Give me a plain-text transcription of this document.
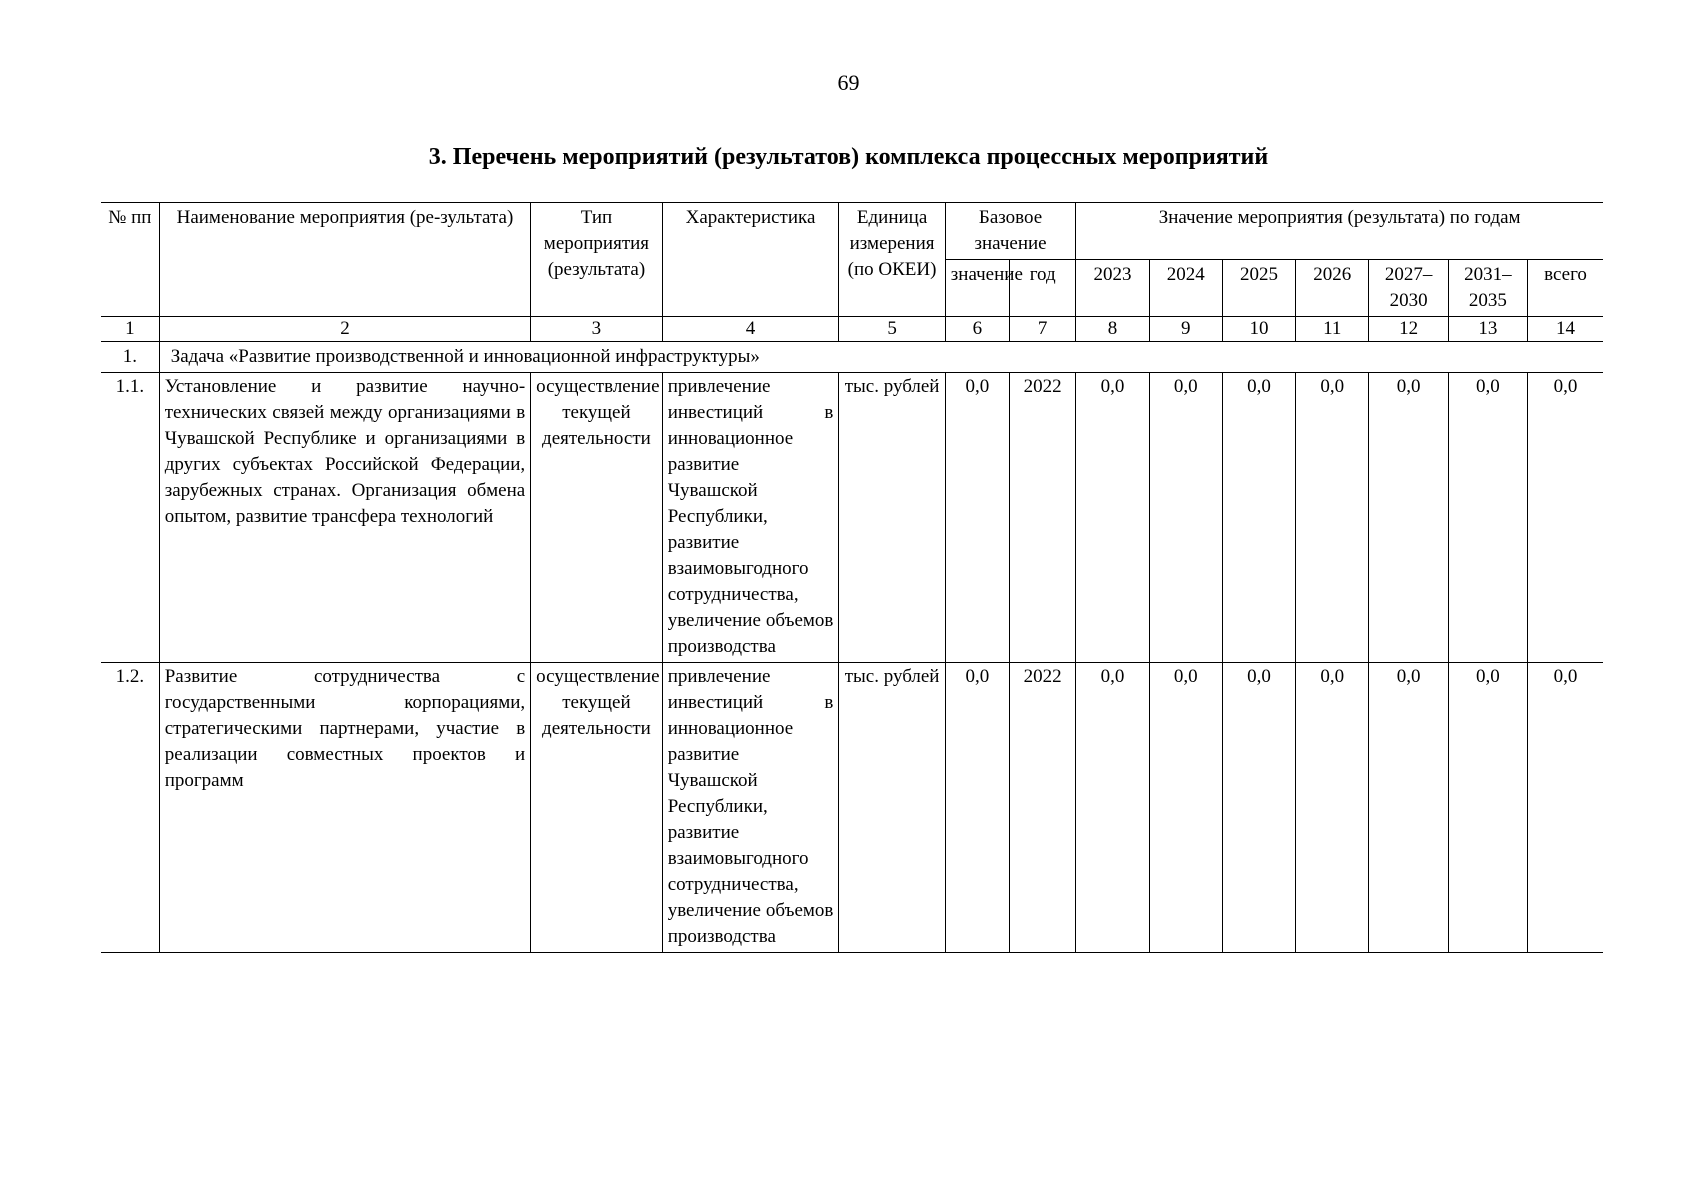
69
3. Перечень мероприятий (результатов) комплекса процессных мероприятий
№ пп	Наименование мероприятия (ре-зультата)	Тип мероприятия (результата)	Характеристика	Единица измерения (по ОКЕИ)	Базовое значение		Значение мероприятия (результата) по годам						
					значение	год	2023	2024	2025	2026	2027–2030	2031–2035	всего
1	2	3	4	5	6	7	8	9	10	11	12	13	14
1.	Задача «Развитие производственной и инновационной инфраструктуры»												
1.1.	Установление и развитие научно-технических связей между организациями в Чувашской Республике и организациями в других субъектах Российской Федерации, зарубежных странах. Организация обмена опытом, развитие трансфера технологий	осуществление текущей деятельности	привлечение инвестиций в инновационное развитие Чувашской Республики, развитие взаимовыгодного сотрудничества, увеличение объемов производства	тыс. рублей	0,0	2022	0,0	0,0	0,0	0,0	0,0	0,0	0,0
1.2.	Развитие сотрудничества с государственными корпорациями, стратегическими партнерами, участие в реализации совместных проектов и программ	осуществление текущей деятельности	привлечение инвестиций в инновационное развитие Чувашской Республики, развитие взаимовыгодного сотрудничества, увеличение объемов производства	тыс. рублей	0,0	2022	0,0	0,0	0,0	0,0	0,0	0,0	0,0
